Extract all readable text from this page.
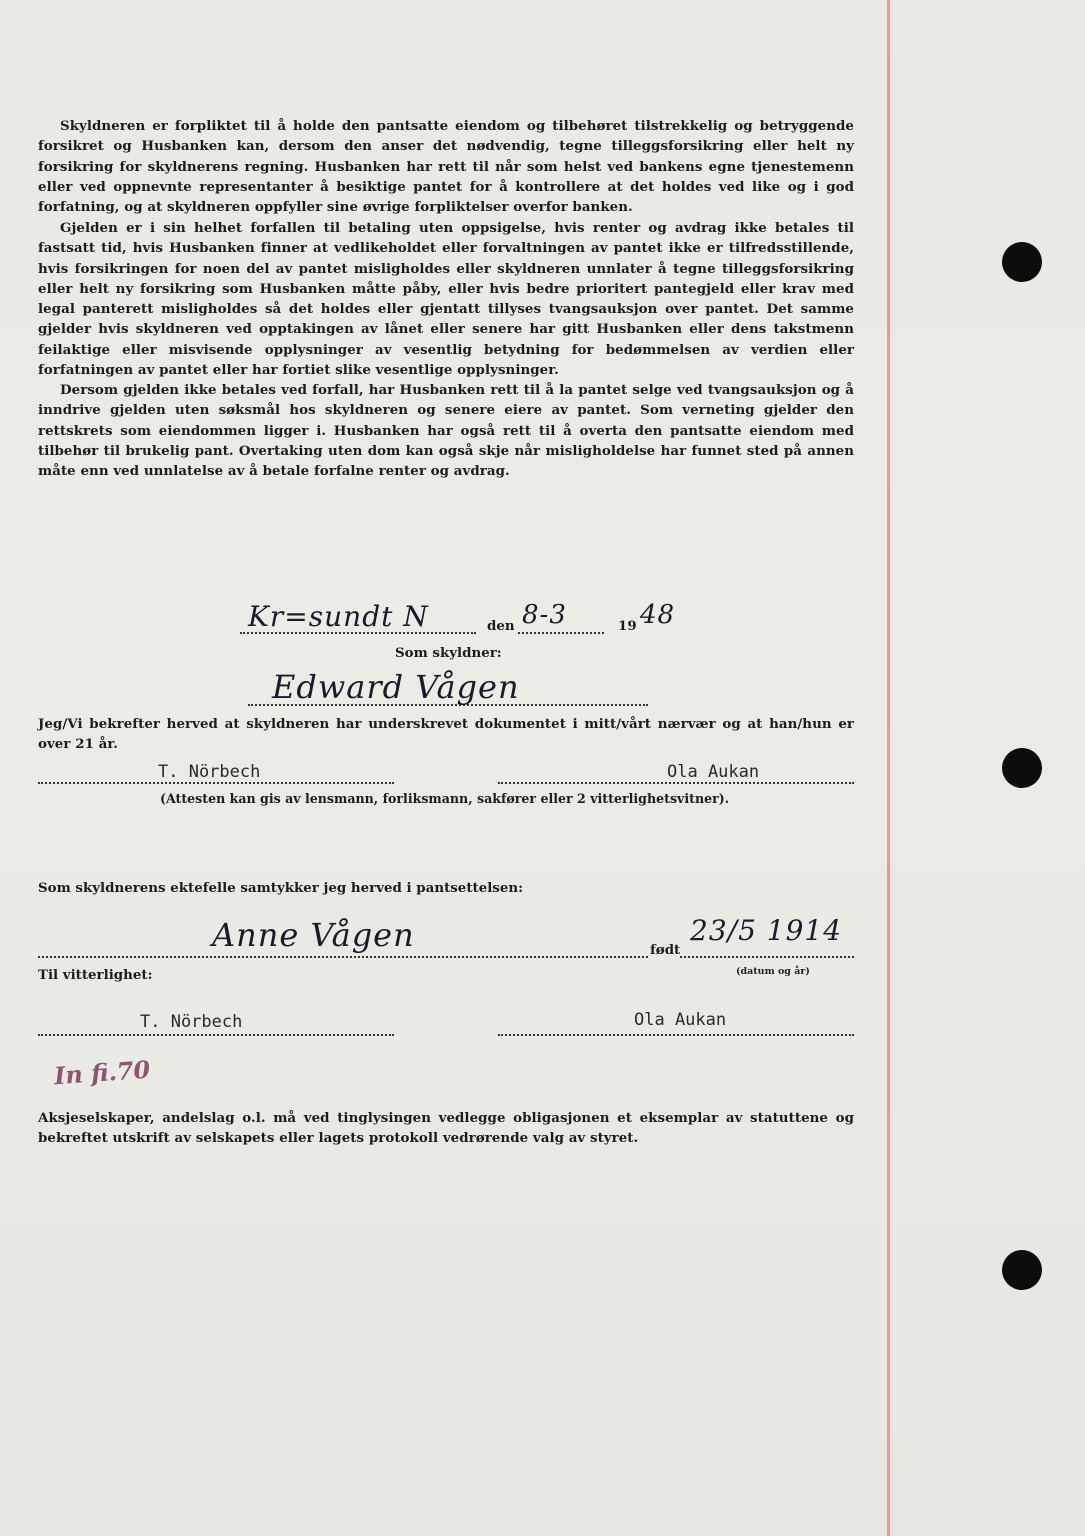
Skyldneren er forpliktet til å holde den pantsatte eiendom og tilbehøret tilstrekkelig og betryggende forsikret og Husbanken kan, dersom den anser det nødvendig, tegne tilleggsforsikring eller helt ny forsikring for skyldnerens regning. Husbanken har rett til når som helst ved bankens egne tjenestemenn eller ved oppnevnte representanter å besiktige pantet for å kontrollere at det holdes ved like og i god forfatning, og at skyldneren oppfyller sine øvrige forpliktelser overfor banken.

Gjelden er i sin helhet forfallen til betaling uten oppsigelse, hvis renter og avdrag ikke betales til fastsatt tid, hvis Husbanken finner at vedlikeholdet eller forvaltningen av pantet ikke er tilfredsstillende, hvis forsikringen for noen del av pantet misligholdes eller skyldneren unnlater å tegne tilleggsforsikring eller helt ny forsikring som Husbanken måtte påby, eller hvis bedre prioritert pantegjeld eller krav med legal panterett misligholdes så det holdes eller gjentatt tillyses tvangsauksjon over pantet. Det samme gjelder hvis skyldneren ved opptakingen av lånet eller senere har gitt Husbanken eller dens takstmenn feilaktige eller misvisende opplysninger av vesentlig betydning for bedømmelsen av verdien eller forfatningen av pantet eller har fortiet slike vesentlige opplysninger.

Dersom gjelden ikke betales ved forfall, har Husbanken rett til å la pantet selge ved tvangsauksjon og å inndrive gjelden uten søksmål hos skyldneren og senere eiere av pantet. Som verneting gjelder den rettskrets som eiendommen ligger i. Husbanken har også rett til å overta den pantsatte eiendom med tilbehør til brukelig pant. Overtaking uten dom kan også skje når misligholdelse har funnet sted på annen måte enn ved unnlatelse av å betale forfalne renter og avdrag.

Kr=sundt N	den 8-3	19 48
Som skyldner:
Edward Vågen

Jeg/Vi bekrefter herved at skyldneren har underskrevet dokumentet i mitt/vårt nærvær og at han/hun er over 21 år.

T. Nörbech	Ola Aukan
(Attesten kan gis av lensmann, forliksmann, sakfører eller 2 vitterlighetsvitner).
Som skyldnerens ektefelle samtykker jeg herved i pantsettelsen:
Anne Vågen	født
23/5 1914
(datum og år)
Til vitterlighet:
T. Nörbech	Ola Aukan
In fi.70

Aksjeselskaper, andelslag o.l. må ved tinglysingen vedlegge obligasjonen et eksemplar av statuttene og bekreftet utskrift av selskapets eller lagets protokoll vedrørende valg av styret.
